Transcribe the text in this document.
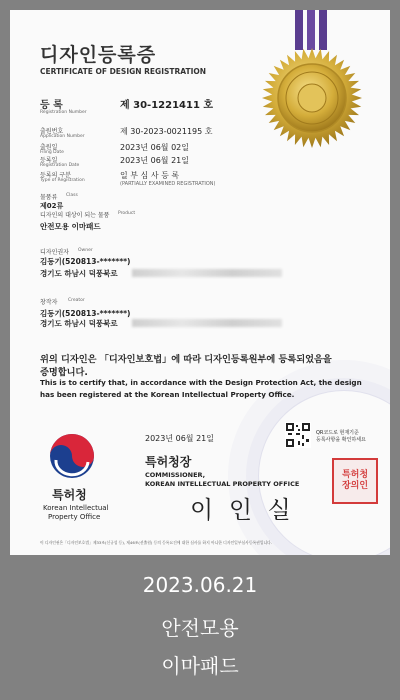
디자인등록증
CERTIFICATE OF DESIGN REGISTRATION
등 록
Registration Number
제 30-1221411 호
출원번호
Application Number
제 30-2023-0021195 호
출원일
Filing Date
2023년 06월 02일
등록일
Registration Date
2023년 06월 21일
등록의 구분
Type of Registration
일 부 심 사 등 록
(PARTIALLY EXAMINED REGISTRATION)
물품류 Class
제02류
디자인의 대상이 되는 물품 Product
안전모용 이마패드
디자인권자 Owner
김동기(520813-*******)
경기도 하남시 덕풍북로
창작자 Creator
김동기(520813-*******)
경기도 하남시 덕풍북로
위의 디자인은 「디자인보호법」에 따라 디자인등록원부에 등록되었음을
증명합니다.
This is to certify that, in accordance with the Design Protection Act, the design
has been registered at the Korean Intellectual Property Office.
특허청
Korean Intellectual
Property Office
2023년 06월 21일
QR코드로 현재기준
등록사항을 확인하세요
특허청장
COMMISSIONER,
KOREAN INTELLECTUAL PROPERTY OFFICE
이 인 실
특허청장의인
이 디자인권은「디자인보호법」제33조(신규성 등), 제46조(선출원) 등의 등록요건에 대한 심사를 하지 아니한 디자인일부심사등록권입니다.
2023.06.21
안전모용
이마패드
